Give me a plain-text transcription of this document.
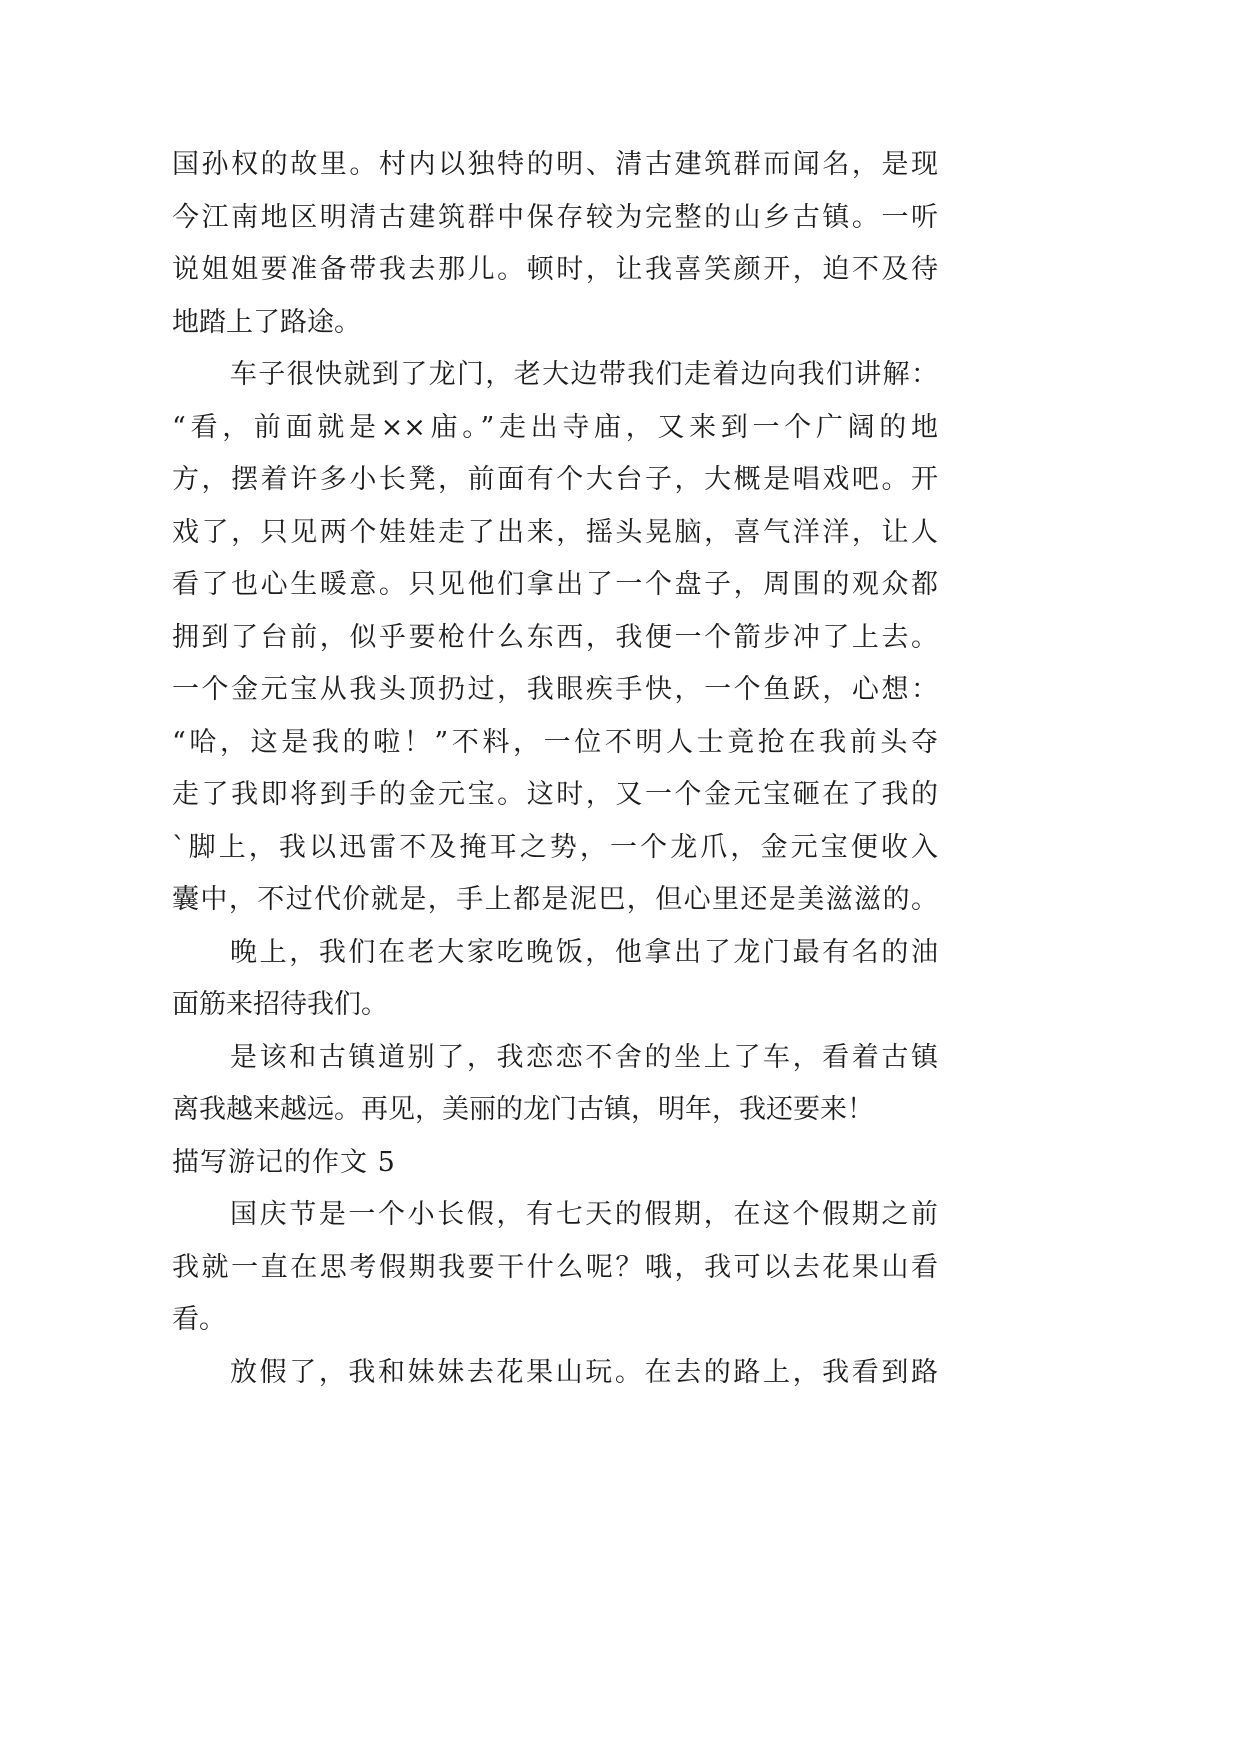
国孙权的故里。村内以独特的明、清古建筑群而闻名，是现
今江南地区明清古建筑群中保存较为完整的山乡古镇。一听
说姐姐要准备带我去那儿。顿时，让我喜笑颜开，迫不及待
地踏上了路途。
车子很快就到了龙门，老大边带我们走着边向我们讲解：
“看，前面就是××庙。”走出寺庙，又来到一个广阔的地
方，摆着许多小长凳，前面有个大台子，大概是唱戏吧。开
戏了，只见两个娃娃走了出来，摇头晃脑，喜气洋洋，让人
看了也心生暖意。只见他们拿出了一个盘子，周围的观众都
拥到了台前，似乎要枪什么东西，我便一个箭步冲了上去。
一个金元宝从我头顶扔过，我眼疾手快，一个鱼跃，心想：
“哈，这是我的啦！”不料，一位不明人士竟抢在我前头夺
走了我即将到手的金元宝。这时，又一个金元宝砸在了我的
`脚上，我以迅雷不及掩耳之势，一个龙爪，金元宝便收入
囊中，不过代价就是，手上都是泥巴，但心里还是美滋滋的。
晚上，我们在老大家吃晚饭，他拿出了龙门最有名的油
面筋来招待我们。
是该和古镇道别了，我恋恋不舍的坐上了车，看着古镇
离我越来越远。再见，美丽的龙门古镇，明年，我还要来！
描写游记的作文 5
国庆节是一个小长假，有七天的假期，在这个假期之前
我就一直在思考假期我要干什么呢？哦，我可以去花果山看
看。
放假了，我和妹妹去花果山玩。在去的路上，我看到路
